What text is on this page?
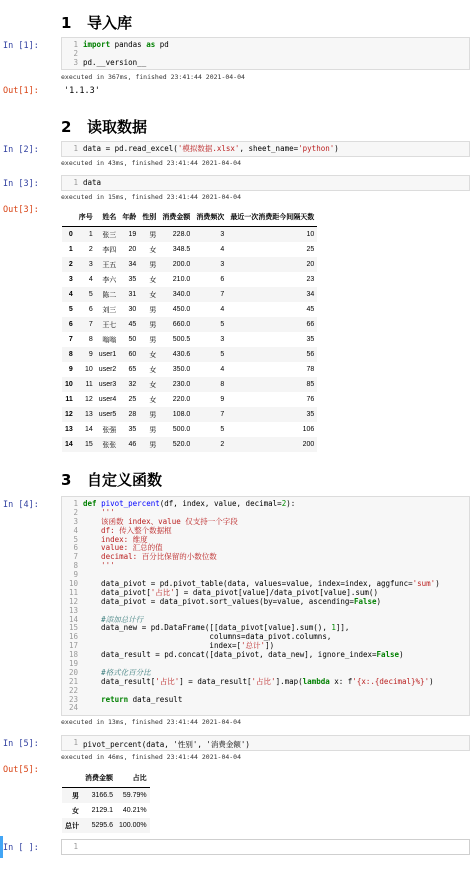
1 导入库
In [1]:	1
2
3
import pandas as pd

pd.__version__
executed in 367ms, finished 23:41:44 2021-04-04
Out[1]:	'1.1.3'
2 读取数据
In [2]:	1 data = pd.read_excel('模拟数据.xlsx', sheet_name='python')
executed in 43ms, finished 23:41:44 2021-04-04
In [3]:	1 data
executed in 15ms, finished 23:41:44 2021-04-04
Out[3]:
	序号	姓名	年龄	性别	消费金额	消费频次	最近一次消费距今间隔天数
0	1	张三	19	男	228.0	3	10
1	2	李四	20	女	348.5	4	25
2	3	王五	34	男	200.0	3	20
3	4	李六	35	女	210.0	6	23
4	5	陈二	31	女	340.0	7	34
5	6	刘三	30	男	450.0	4	45
6	7	王七	45	男	660.0	5	66
7	8	嗡嗡	50	男	500.5	3	35
8	9	user1	60	女	430.6	5	56
9	10	user2	65	女	350.0	4	78
10	11	user3	32	女	230.0	8	85
11	12	user4	25	女	220.0	9	76
12	13	user5	28	男	108.0	7	35
13	14	张强	35	男	500.0	5	106
14	15	张张	46	男	520.0	2	200
3 自定义函数
In [4]:	1
2
3
4
5
6
7
8
9
10
11
12
13
14
15
16
17
18
19
20
21
22
23
24
def pivot_percent(df, index, value, decimal=2):
'''
该函数 index、value 仅支持一个字段
df: 传入整个数据框
index: 维度
value: 汇总的值
decimal: 百分比保留的小数位数
'''

data_pivot = pd.pivot_table(data, values=value, index=index, aggfunc='sum')
data_pivot['占比'] = data_pivot[value]/data_pivot[value].sum()
data_pivot = data_pivot.sort_values(by=value, ascending=False)

#添加总计行
data_new = pd.DataFrame([[data_pivot[value].sum(), 1]],
columns=data_pivot.columns,
index=['总计'])
data_result = pd.concat([data_pivot, data_new], ignore_index=False)

#格式化百分比
data_result['占比'] = data_result['占比'].map(lambda x: f'{x:.{decimal}%}')

return data_result

executed in 13ms, finished 23:41:44 2021-04-04
In [5]:	1 pivot_percent(data, '性别', '消费金额')
executed in 46ms, finished 23:41:44 2021-04-04
Out[5]:
	消费金额	占比
男	3166.5	59.79%
女	2129.1	40.21%
总计	5295.6	100.00%
In [ ]:	1
